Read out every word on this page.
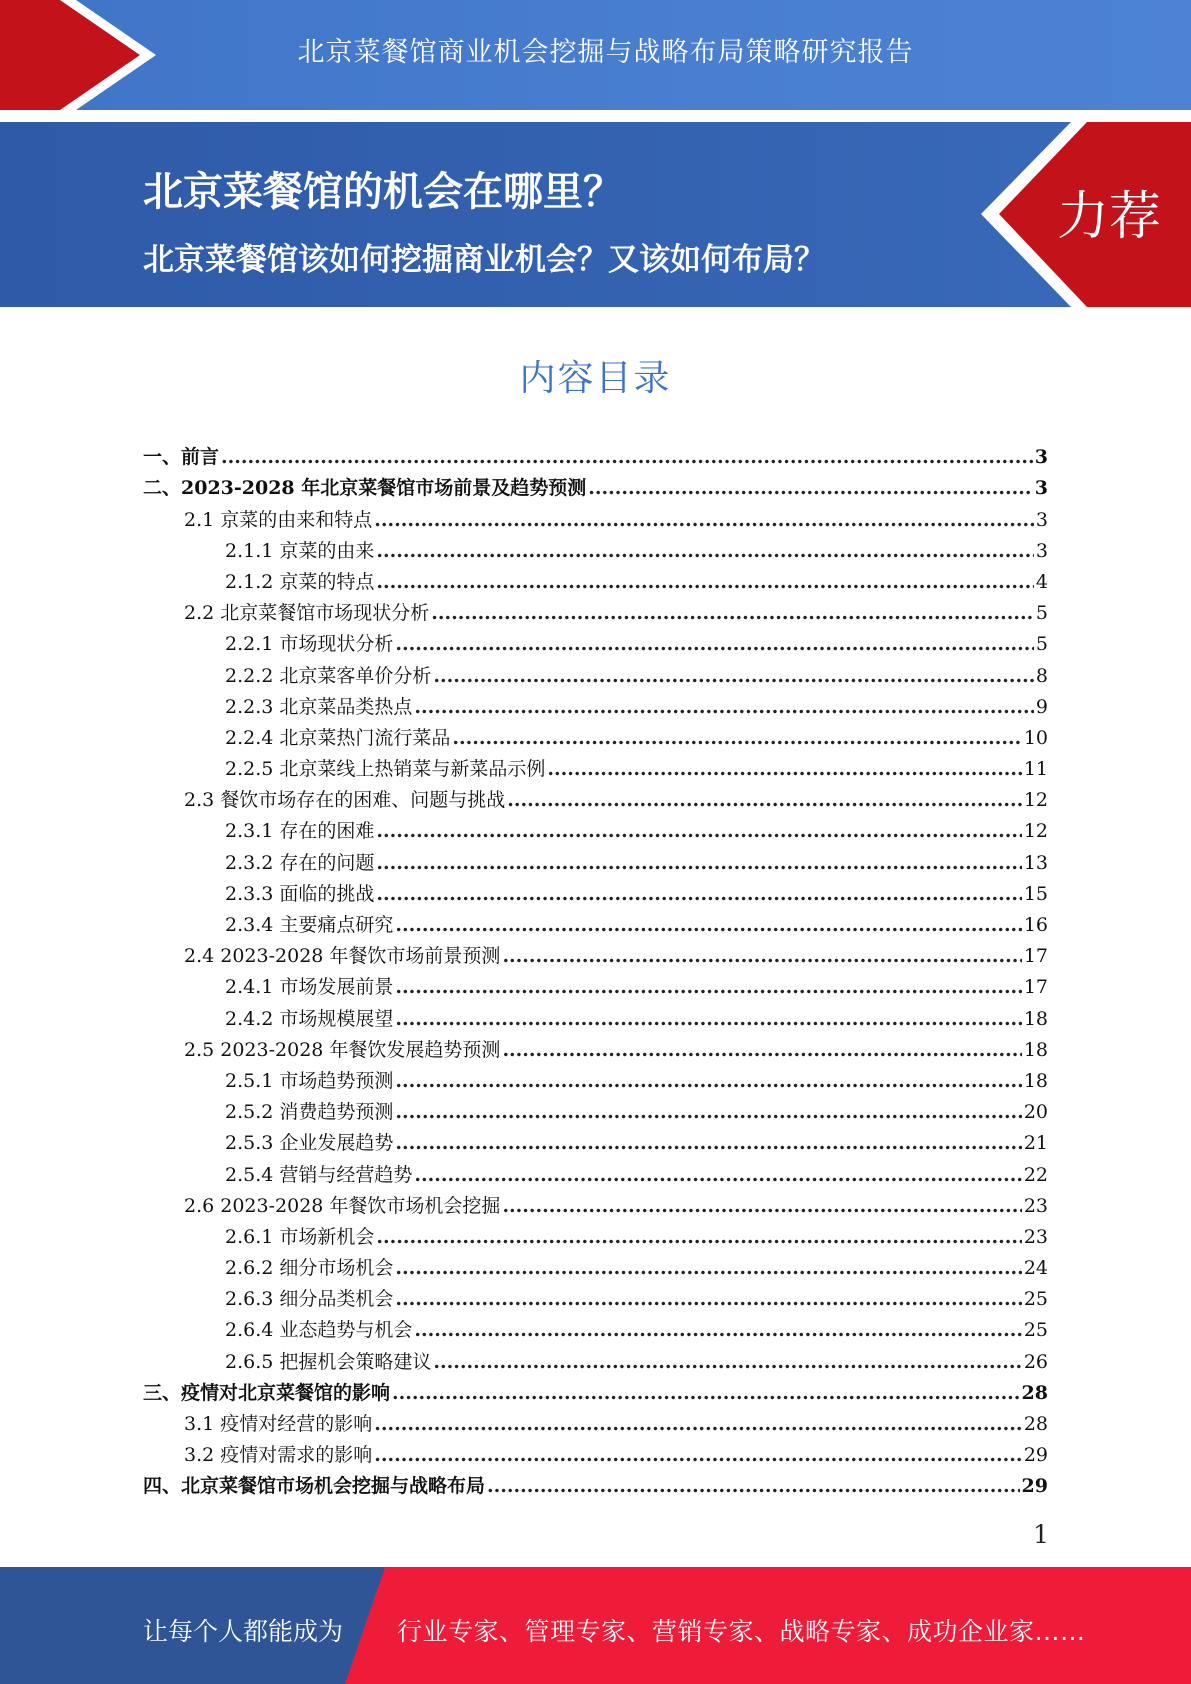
北京菜餐馆商业机会挖掘与战略布局策略研究报告
北京菜餐馆的机会在哪里？
北京菜餐馆该如何挖掘商业机会？又该如何布局？
力荐
内容目录
一、前言 .....	3
二、2023-2028 年北京菜餐馆市场前景及趋势预测 .....	3
2.1 京菜的由来和特点 .....	3
2.1.1 京菜的由来 .....	3
2.1.2 京菜的特点 .....	4
2.2 北京菜餐馆市场现状分析 .....	5
2.2.1 市场现状分析 .....	5
2.2.2 北京菜客单价分析 .....	8
2.2.3 北京菜品类热点 .....	9
2.2.4 北京菜热门流行菜品 .....	10
2.2.5 北京菜线上热销菜与新菜品示例 .....	11
2.3 餐饮市场存在的困难、问题与挑战 .....	12
2.3.1 存在的困难 .....	12
2.3.2 存在的问题 .....	13
2.3.3 面临的挑战 .....	15
2.3.4 主要痛点研究 .....	16
2.4 2023-2028 年餐饮市场前景预测 .....	17
2.4.1 市场发展前景 .....	17
2.4.2 市场规模展望 .....	18
2.5 2023-2028 年餐饮发展趋势预测 .....	18
2.5.1 市场趋势预测 .....	18
2.5.2 消费趋势预测 .....	20
2.5.3 企业发展趋势 .....	21
2.5.4 营销与经营趋势 .....	22
2.6 2023-2028 年餐饮市场机会挖掘 .....	23
2.6.1 市场新机会 .....	23
2.6.2 细分市场机会 .....	24
2.6.3 细分品类机会 .....	25
2.6.4 业态趋势与机会 .....	25
2.6.5 把握机会策略建议 .....	26
三、疫情对北京菜餐馆的影响 .....	28
3.1 疫情对经营的影响 .....	28
3.2 疫情对需求的影响 .....	29
四、北京菜餐馆市场机会挖掘与战略布局 .....	29
1
让每个人都能成为 行业专家、管理专家、营销专家、战略专家、成功企业家……
